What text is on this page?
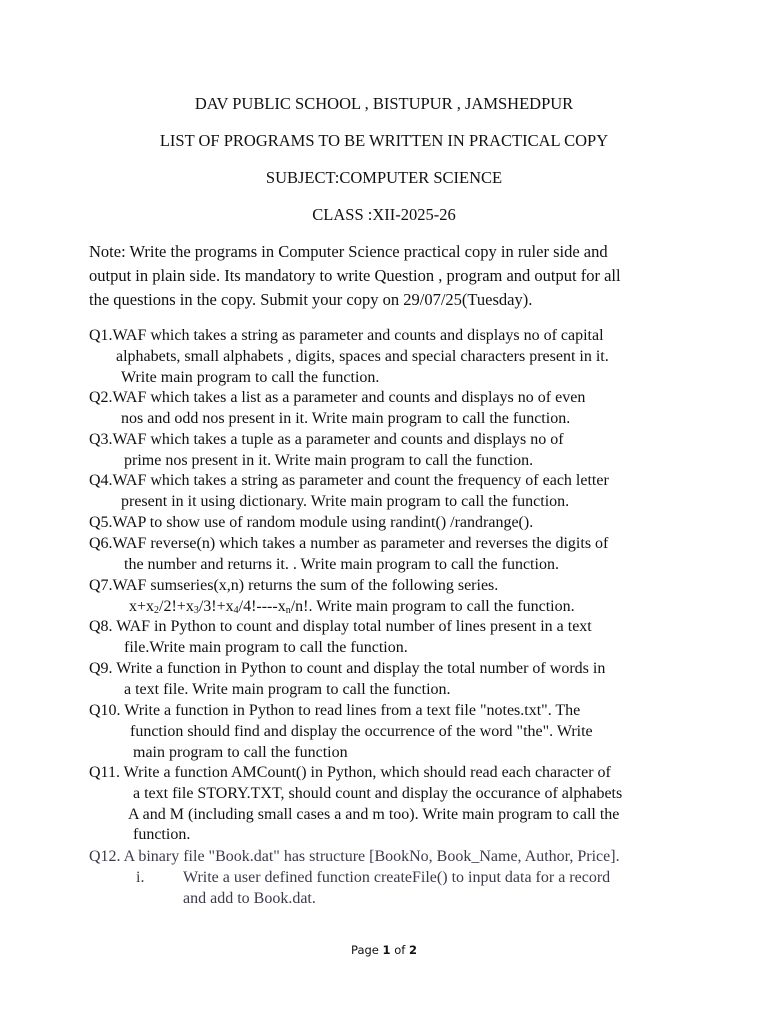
DAV PUBLIC SCHOOL , BISTUPUR , JAMSHEDPUR
LIST OF PROGRAMS TO BE WRITTEN IN PRACTICAL COPY
SUBJECT:COMPUTER SCIENCE
CLASS :XII-2025-26
Note: Write the programs in Computer Science practical copy in ruler side and
output in plain side. Its mandatory to write Question , program and output for all
the questions in the copy. Submit your copy on 29/07/25(Tuesday).
Q1.WAF which takes a string as parameter and counts and displays no of capital
alphabets, small alphabets , digits, spaces and special characters present in it.
Write main program to call the function.
Q2.WAF which takes a list as a parameter and counts and displays no of even
nos and odd nos present in it. Write main program to call the function.
Q3.WAF which takes a tuple as a parameter and counts and displays no of
prime nos present in it. Write main program to call the function.
Q4.WAF which takes a string as parameter and count the frequency of each letter
present in it using dictionary. Write main program to call the function.
Q5.WAP to show use of random module using randint() /randrange().
Q6.WAF reverse(n) which takes a number as parameter and reverses the digits of
the number and returns it. . Write main program to call the function.
Q7.WAF sumseries(x,n) returns the sum of the following series.
$x+x_2/2!+x_3/3!+x_4/4!----x_n/n$!. Write main program to call the function.
Q8. WAF in Python to count and display total number of lines present in a text
file.Write main program to call the function.
Q9. Write a function in Python to count and display the total number of words in
a text file. Write main program to call the function.
Q10. Write a function in Python to read lines from a text file "notes.txt". The
function should find and display the occurrence of the word "the". Write
main program to call the function
Q11. Write a function AMCount() in Python, which should read each character of
a text file STORY.TXT, should count and display the occurance of alphabets
A and M (including small cases a and m too). Write main program to call the
function.
Q12. A binary file "Book.dat" has structure [BookNo, Book_Name, Author, Price].
i.	Write a user defined function createFile() to input data for a record
and add to Book.dat.
Page 1 of 2
